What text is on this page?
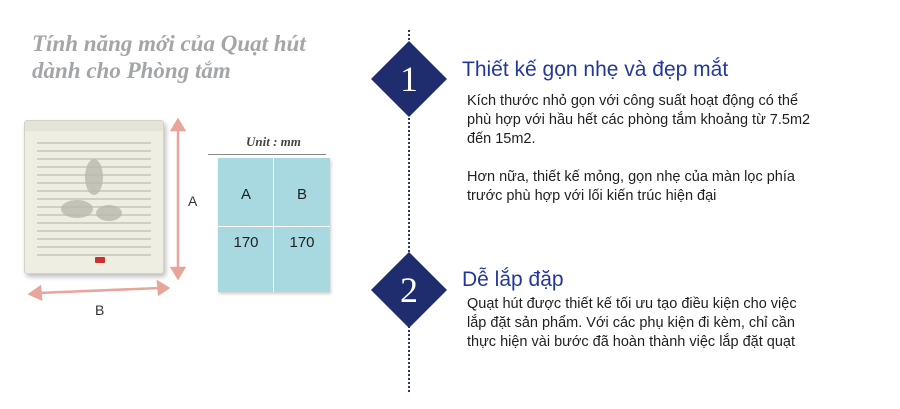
Tính năng mới của Quạt hút
dành cho Phòng tắm
A
B
Unit : mm
A	B
170	170
1 Thiết kế gọn nhẹ và đẹp mắt

Kích thước nhỏ gọn với công suất hoạt động có thể
phù hợp với hầu hết các phòng tắm khoảng từ 7.5m2
đến 15m2.

Hơn nữa, thiết kế mỏng, gọn nhẹ của màn lọc phía
trước phù hợp với lối kiến trúc hiện đại

2 Dễ lắp đặp

Quạt hút được thiết kế tối ưu tạo điều kiện cho việc
lắp đặt sản phẩm. Với các phụ kiện đi kèm, chỉ cần
thực hiện vài bước đã hoàn thành việc lắp đặt quạt
